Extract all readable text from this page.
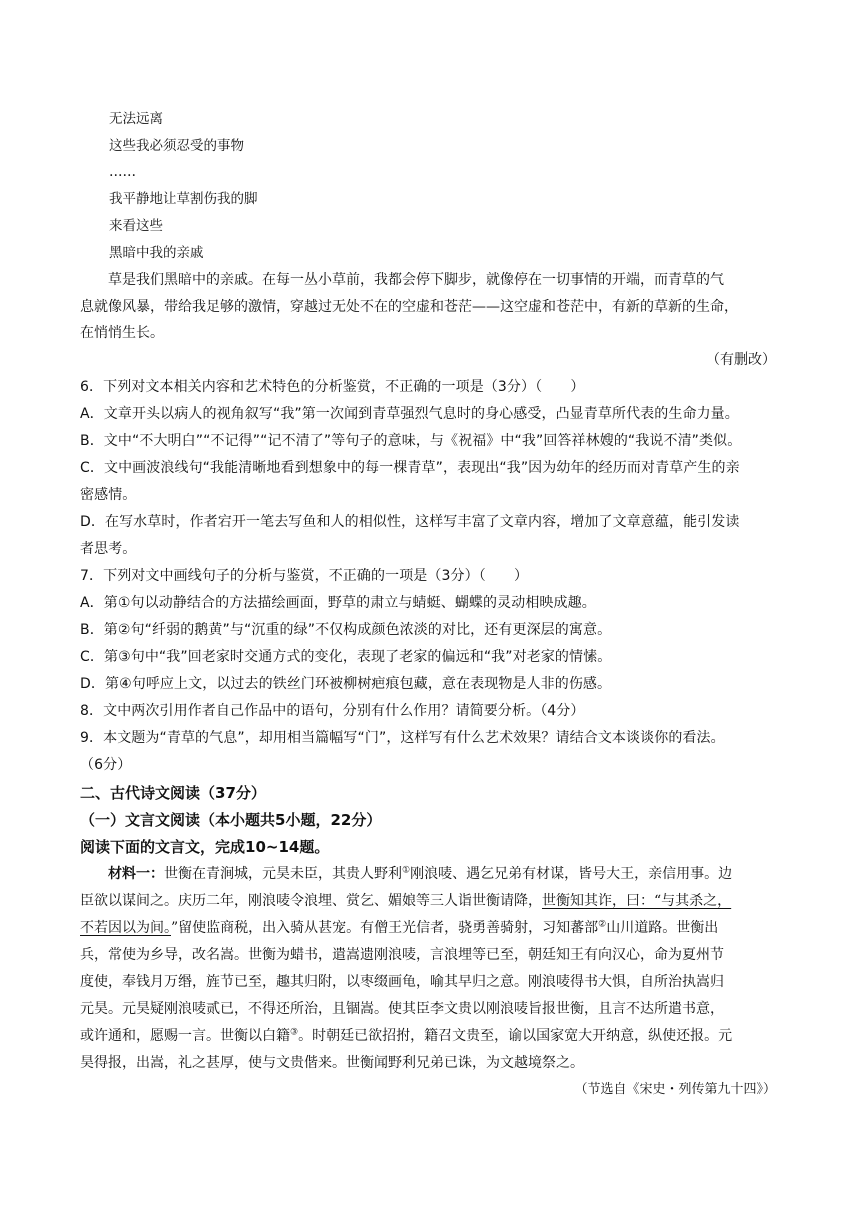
无法远离
这些我必须忍受的事物
……
我平静地让草割伤我的脚
来看这些
黑暗中我的亲戚
草是我们黑暗中的亲戚。在每一丛小草前，我都会停下脚步，就像停在一切事情的开端，而青草的气
息就像风暴，带给我足够的激情，穿越过无处不在的空虚和苍茫——这空虚和苍茫中，有新的草新的生命，
在悄悄生长。
（有删改）
6．下列对文本相关内容和艺术特色的分析鉴赏，不正确的一项是（3分）（　　）
A．文章开头以病人的视角叙写“我”第一次闻到青草强烈气息时的身心感受，凸显青草所代表的生命力量。
B．文中“不大明白”“不记得”“记不清了”等句子的意味，与《祝福》中“我”回答祥林嫂的“我说不清”类似。
C．文中画波浪线句“我能清晰地看到想象中的每一棵青草”，表现出“我”因为幼年的经历而对青草产生的亲
密感情。
D．在写水草时，作者宕开一笔去写鱼和人的相似性，这样写丰富了文章内容，增加了文章意蕴，能引发读
者思考。
7．下列对文中画线句子的分析与鉴赏，不正确的一项是（3分）（　　）
A．第①句以动静结合的方法描绘画面，野草的肃立与蜻蜓、蝴蝶的灵动相映成趣。
B．第②句“纤弱的鹅黄”与“沉重的绿”不仅构成颜色浓淡的对比，还有更深层的寓意。
C．第③句中“我”回老家时交通方式的变化，表现了老家的偏远和“我”对老家的情愫。
D．第④句呼应上文，以过去的铁丝门环被柳树疤痕包藏，意在表现物是人非的伤感。
8．文中两次引用作者自己作品中的语句，分别有什么作用？请简要分析。（4分）
9．本文题为“青草的气息”，却用相当篇幅写“门”，这样写有什么艺术效果？请结合文本谈谈你的看法。
（6分）
二、古代诗文阅读（37分）
（一）文言文阅读（本小题共5小题，22分）
阅读下面的文言文，完成10~14题。
材料一：世衡在青涧城，元昊未臣，其贵人野利①刚浪唛、遇乞兄弟有材谋，皆号大王，亲信用事。边
臣欲以谋间之。庆历二年，刚浪唛令浪埋、赏乞、媚娘等三人诣世衡请降，世衡知其诈，曰：“与其杀之，
不若因以为间。”留使监商税，出入骑从甚宠。有僧王光信者，骁勇善骑射，习知蕃部②山川道路。世衡出
兵，常使为乡导，改名嵩。世衡为蜡书，遣嵩遗刚浪唛，言浪埋等已至，朝廷知王有向汉心，命为夏州节
度使，奉钱月万缗，旌节已至，趣其归附，以枣缀画龟，喻其早归之意。刚浪唛得书大惧，自所治执嵩归
元昊。元昊疑刚浪唛贰已，不得还所治，且锢嵩。使其臣李文贵以刚浪唛旨报世衡，且言不达所遣书意，
或许通和，愿赐一言。世衡以白籍③。时朝廷已欲招拊，籍召文贵至，谕以国家宽大开纳意，纵使还报。元
昊得报，出嵩，礼之甚厚，使与文贵偕来。世衡闻野利兄弟已诛，为文越境祭之。
（节选自《宋史・列传第九十四》）
